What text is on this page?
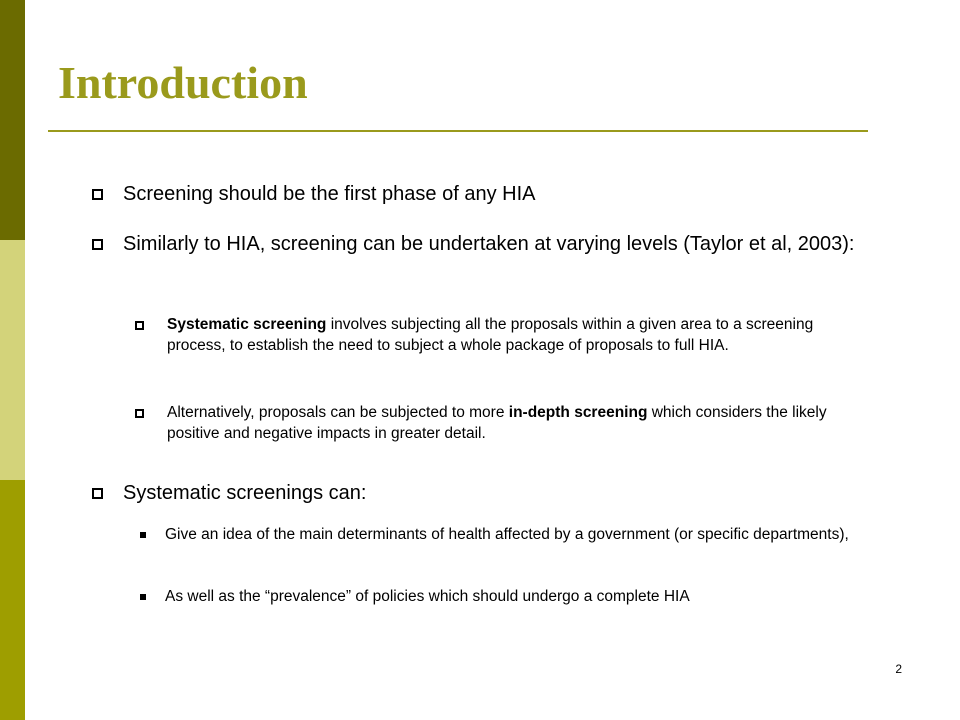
Introduction
Screening should be the first phase of any HIA
Similarly to HIA, screening can be undertaken at varying levels (Taylor et al, 2003):
Systematic screening involves subjecting all the proposals within a given area to a screening process, to establish the need to subject a whole package of proposals to full HIA.
Alternatively, proposals can be subjected to more in-depth screening which considers the likely positive and negative impacts in greater detail.
Systematic screenings can:
Give an idea of the main determinants of health affected by a government (or specific departments),
As well as the “prevalence” of policies which should undergo a complete HIA
2
